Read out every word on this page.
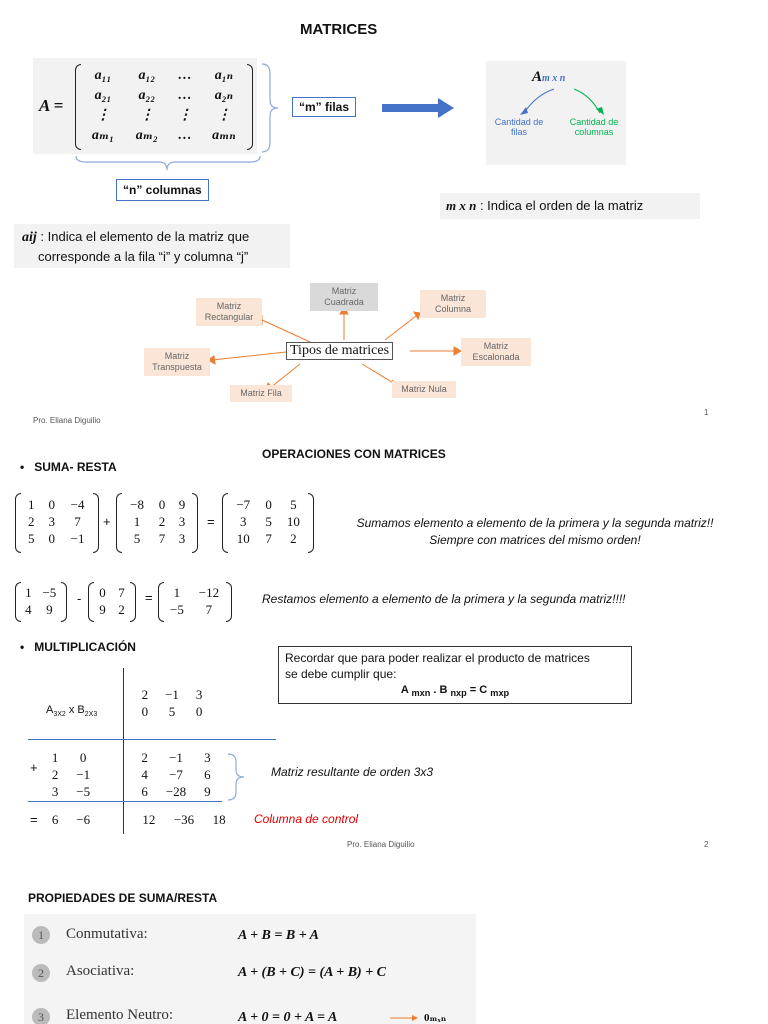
MATRICES
A =
a₁₁	a₁₂	…	a₁ₙ
a₂₁	a₂₂	…	a₂ₙ
⋮	⋮	⋮	⋮
aₘ₁	aₘ₂	…	aₘₙ
“m” filas
“n” columnas
Am x n
Cantidad de filas
Cantidad de columnas
m x n : Indica el orden de la matriz
aij : Indica el elemento de la matriz que
corresponde a la fila “i” y columna “j”
Tipos de matrices
Matriz Cuadrada
Matriz Rectangular
Matriz Columna
Matriz Transpuesta
Matriz Escalonada
Matriz Fila	Matriz Nula
Pro. Eliana Diguilio
1
OPERACIONES CON MATRICES
•   SUMA- RESTA
1	0	−4
2	3	7
5	0	−1
+
−8	0	9
1	2	3
5	7	3
=
−7	0	5
3	5	10
10	7	2
Sumamos elemento a elemento de la primera y la segunda matriz!!
Siempre con matrices del mismo orden!
1	−5
4	9
- 0	7
9	2
= 1	−12
−5	7
Restamos elemento a elemento de la primera y la segunda matriz!!!!
•   MULTIPLICACIÓN
Recordar que para poder realizar el producto de matrices
se debe cumplir que:
A $_{mxn}$ . B $_{nxp}$ = C $_{mxp}$
$A_{3X2}$ x $B_{2X3}$
2	−1	3
0	5	0
+
1	0
2	−1
3	−5
2	−1	3
4	−7	6
6	−28	9
Matriz resultante de orden 3x3
= 6	−6	12	−36	18 Columna de control
Pro. Eliana Diguilio	2
PROPIEDADES DE SUMA/RESTA
1	Conmutativa:	A + B = B + A
2	Asociativa:	A + (B + C) = (A + B) + C
3	Elemento Neutro:	A + 0 = 0 + A = A	0ₘₓₙ
